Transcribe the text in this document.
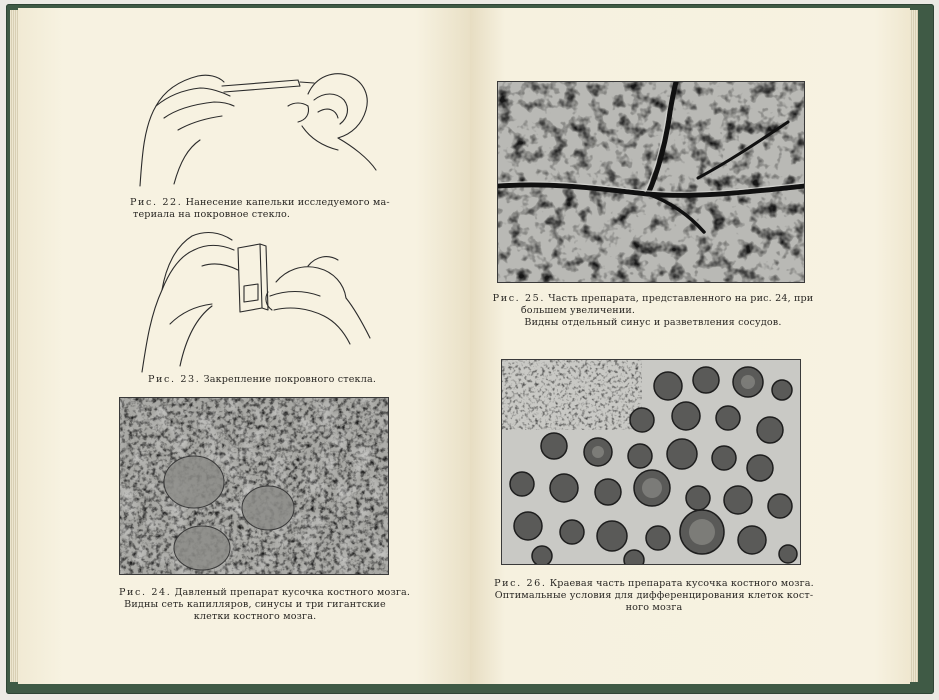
Рис. 22. Нанесение капельки исследуемого ма-
териала на покровное стекло.

Рис. 23. Закрепление покровного стекла.

Рис. 24. Давленый препарат кусочка костного мозга.
Видны сеть капилляров, синусы и три гигантские
клетки костного мозга.

Рис. 25. Часть препарата, представленного на рис. 24, при
большем увеличении.
Видны отдельный синус и разветвления сосудов.

Рис. 26. Краевая часть препарата кусочка костного мозга.
Оптимальные условия для дифференцирования клеток кост-
ного мозга
